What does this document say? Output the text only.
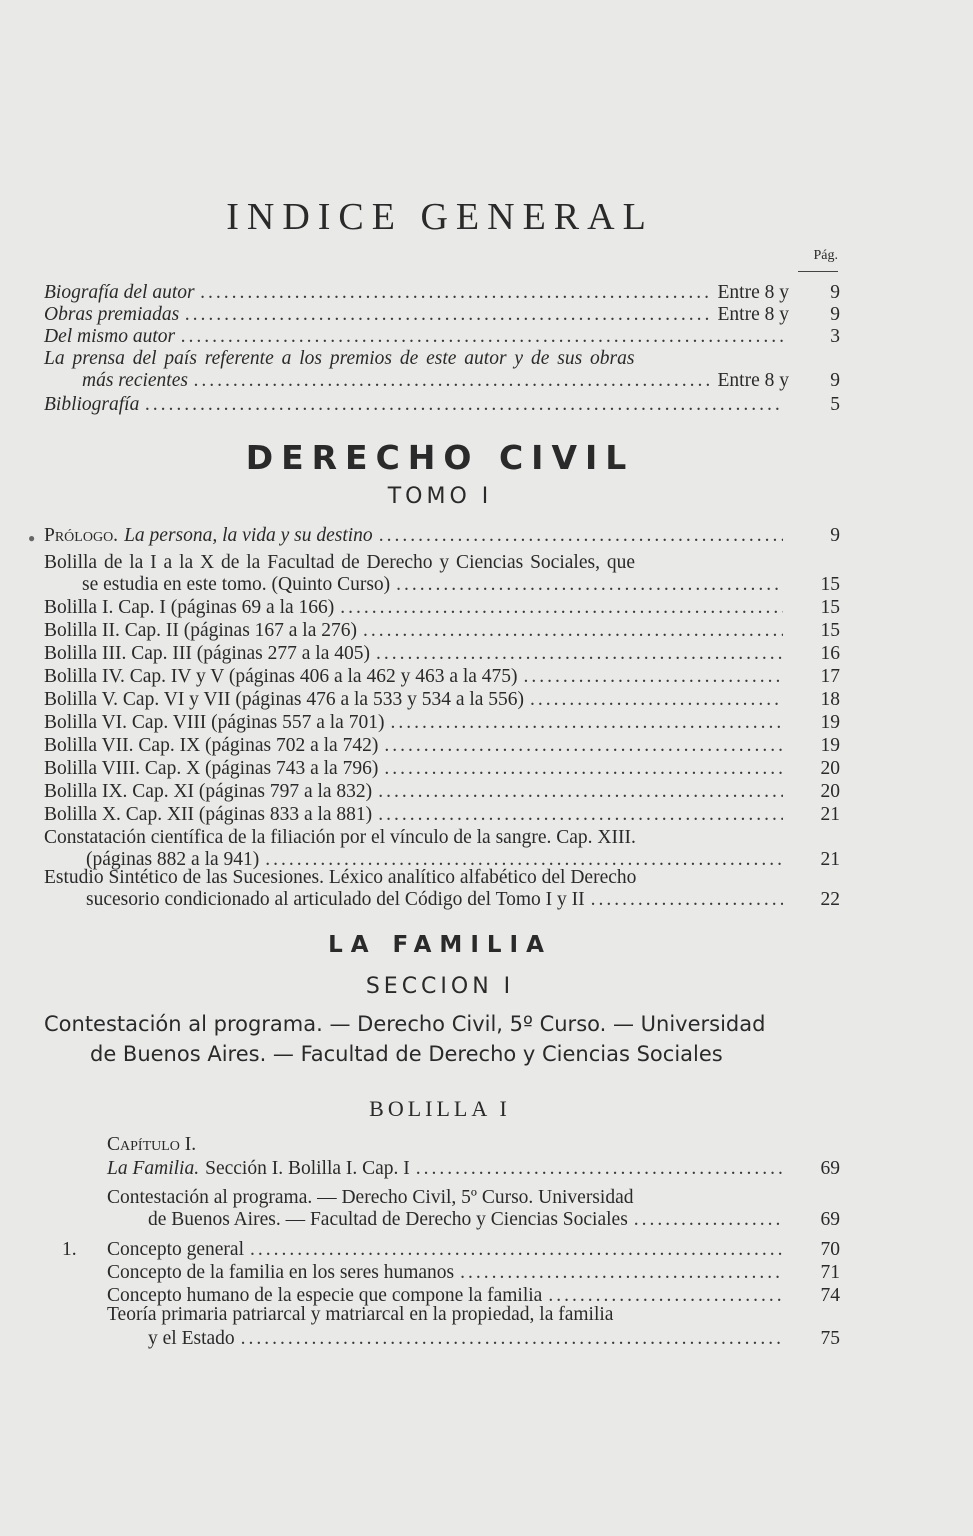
INDICE GENERAL
Pág.
Biografía del autor .....	Entre 8 y	9
Obras premiadas .....	Entre 8 y	9
Del mismo autor .....	3
La prensa del país referente a los premios de este autor y de sus obras
más recientes .....	Entre 8 y	9
Bibliografía .....	5
DERECHO CIVIL
TOMO I
● Prólogo. La persona, la vida y su destino .....	9
Bolilla de la I a la X de la Facultad de Derecho y Ciencias Sociales, que
se estudia en este tomo. (Quinto Curso) .....	15
Bolilla I. Cap. I (páginas 69 a la 166) .....	15
Bolilla II. Cap. II (páginas 167 a la 276) .....	15
Bolilla III. Cap. III (páginas 277 a la 405) .....	16
Bolilla IV. Cap. IV y V (páginas 406 a la 462 y 463 a la 475) .....	17
Bolilla V. Cap. VI y VII (páginas 476 a la 533 y 534 a la 556) .....	18
Bolilla VI. Cap. VIII (páginas 557 a la 701) .....	19
Bolilla VII. Cap. IX (páginas 702 a la 742) .....	19
Bolilla VIII. Cap. X (páginas 743 a la 796) .....	20
Bolilla IX. Cap. XI (páginas 797 a la 832) .....	20
Bolilla X. Cap. XII (páginas 833 a la 881) .....	21
Constatación científica de la filiación por el vínculo de la sangre. Cap. XIII.
(páginas 882 a la 941) .....	21
Estudio Sintético de las Sucesiones. Léxico analítico alfabético del Derecho
sucesorio condicionado al articulado del Código del Tomo I y II .....	22
LA FAMILIA
SECCION I
Contestación al programa. — Derecho Civil, 5º Curso. — Universidad
de Buenos Aires. — Facultad de Derecho y Ciencias Sociales
BOLILLA I
Capítulo I.
La Familia. Sección I. Bolilla I. Cap. I .....	69
Contestación al programa. — Derecho Civil, 5º Curso. Universidad
de Buenos Aires. — Facultad de Derecho y Ciencias Sociales .....	69
1. Concepto general .....	70
Concepto de la familia en los seres humanos .....	71
Concepto humano de la especie que compone la familia .....	74
Teoría primaria patriarcal y matriarcal en la propiedad, la familia
y el Estado .....	75
